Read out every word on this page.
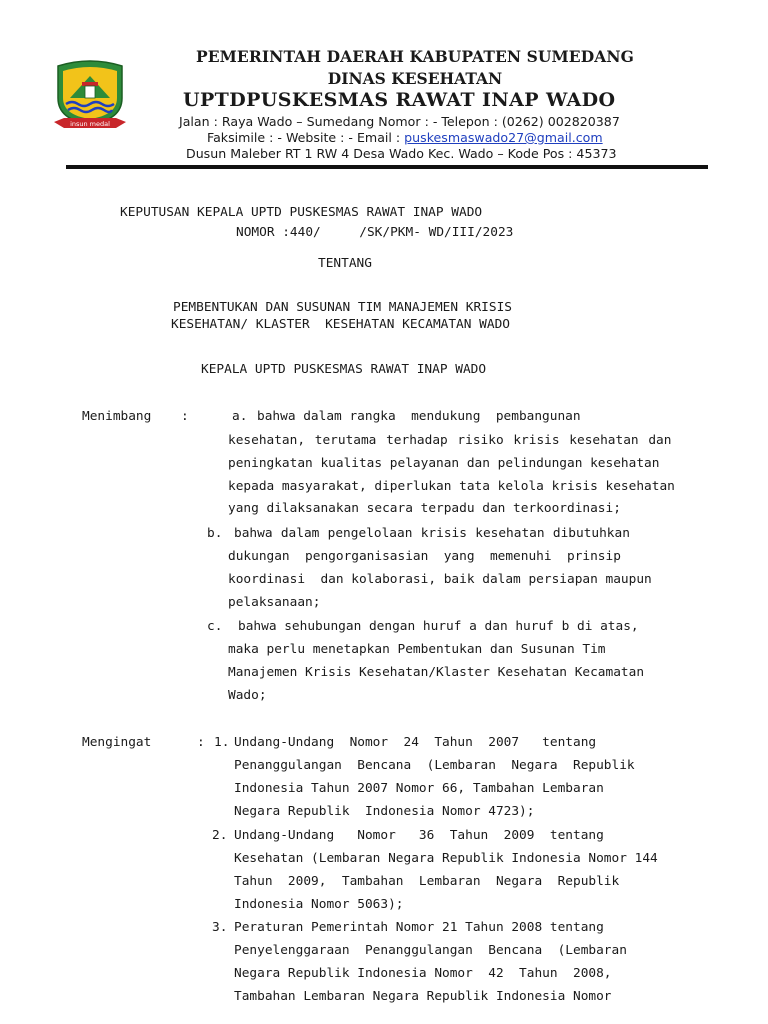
insun medal
PEMERINTAH DAERAH KABUPATEN SUMEDANG
DINAS KESEHATAN
UPTDPUSKESMAS RAWAT INAP WADO
Jalan : Raya Wado – Sumedang Nomor : - Telepon : (0262) 002820387
Faksimile : - Website : - Email : puskesmaswado27@gmail.com
Dusun Maleber RT 1 RW 4 Desa Wado Kec. Wado – Kode Pos : 45373
KEPUTUSAN KEPALA UPTD PUSKESMAS RAWAT INAP WADO
NOMOR :440/     /SK/PKM- WD/III/2023
TENTANG
PEMBENTUKAN DAN SUSUNAN TIM MANAJEMEN KRISIS
KESEHATAN/ KLASTER  KESEHATAN KECAMATAN WADO
KEPALA UPTD PUSKESMAS RAWAT INAP WADO
Menimbang :	a. bahwa dalam rangka  mendukung  pembangunan
kesehatan, terutama terhadap risiko krisis kesehatan dan
peningkatan kualitas pelayanan dan pelindungan kesehatan
kepada masyarakat, diperlukan tata kelola krisis kesehatan
yang dilaksanakan secara terpadu dan terkoordinasi;
b. bahwa dalam pengelolaan krisis kesehatan dibutuhkan
dukungan  pengorganisasian  yang  memenuhi  prinsip
koordinasi  dan kolaborasi, baik dalam persiapan maupun
pelaksanaan;
c. bahwa sehubungan dengan huruf a dan huruf b di atas,
maka perlu menetapkan Pembentukan dan Susunan Tim
Manajemen Krisis Kesehatan/Klaster Kesehatan Kecamatan
Wado;
Mengingat	: 1. Undang-Undang  Nomor  24  Tahun  2007   tentang
Penanggulangan  Bencana  (Lembaran  Negara  Republik
Indonesia Tahun 2007 Nomor 66, Tambahan Lembaran
Negara Republik  Indonesia Nomor 4723);
2. Undang-Undang   Nomor   36  Tahun  2009  tentang
Kesehatan (Lembaran Negara Republik Indonesia Nomor 144
Tahun  2009,  Tambahan  Lembaran  Negara  Republik
Indonesia Nomor 5063);
3. Peraturan Pemerintah Nomor 21 Tahun 2008 tentang
Penyelenggaraan  Penanggulangan  Bencana  (Lembaran
Negara Republik Indonesia Nomor  42  Tahun  2008,
Tambahan Lembaran Negara Republik Indonesia Nomor
